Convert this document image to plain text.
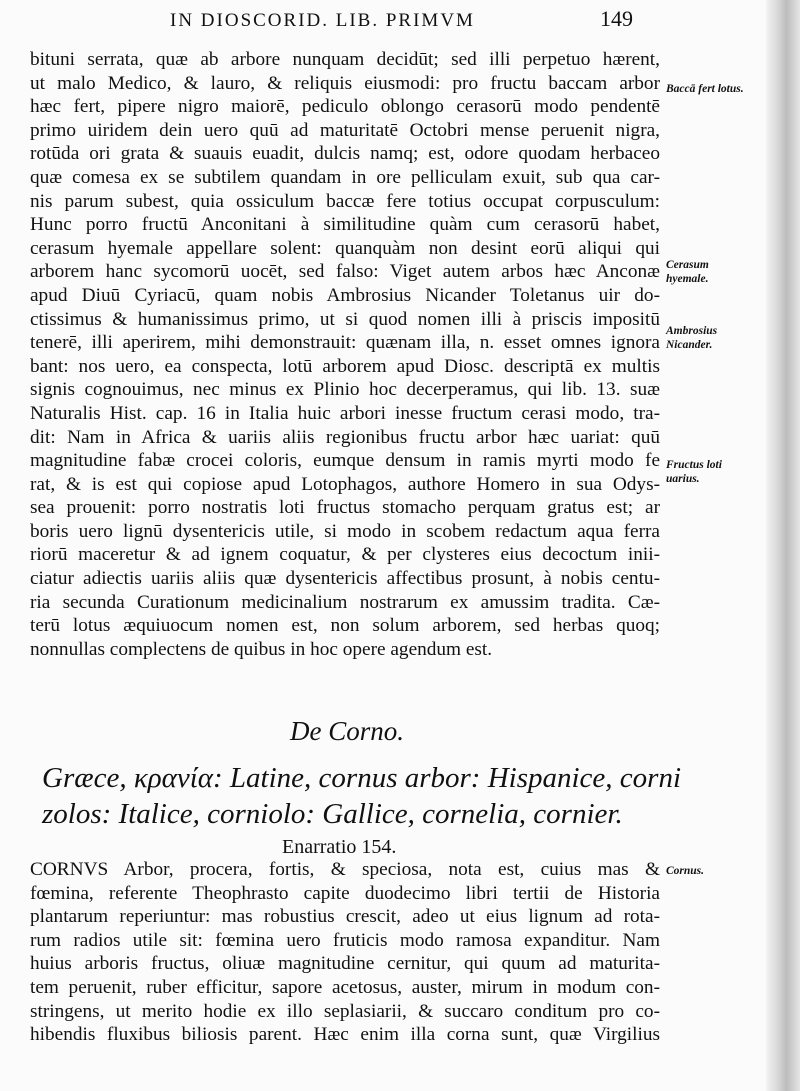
IN DIOSCORID. LIB. PRIMVM	149
bituni serrata, quæ ab arbore nunquam decidūt; sed illi perpetuo hærent,
ut malo Medico, & lauro, & reliquis eiusmodi: pro fructu baccam arbor
hæc fert, pipere nigro maiorē, pediculo oblongo cerasorū modo pendentē
primo uiridem dein uero quū ad maturitatē Octobri mense peruenit nigra,
rotūda ori grata & suauis euadit, dulcis namq; est, odore quodam herbaceo
quæ comesa ex se subtilem quandam in ore pelliculam exuit, sub qua car-
nis parum subest, quia ossiculum baccæ fere totius occupat corpusculum:
Hunc porro fructū Anconitani à similitudine quàm cum cerasorū habet,
cerasum hyemale appellare solent: quanquàm non desint eorū aliqui qui
arborem hanc sycomorū uocēt, sed falso: Viget autem arbos hæc Anconæ
apud Diuū Cyriacū, quam nobis Ambrosius Nicander Toletanus uir do-
ctissimus & humanissimus primo, ut si quod nomen illi à priscis impositū
tenerē, illi aperirem, mihi demonstrauit: quænam illa, n. esset omnes ignora
bant: nos uero, ea conspecta, lotū arborem apud Diosc. descriptā ex multis
signis cognouimus, nec minus ex Plinio hoc decerperamus, qui lib. 13. suæ
Naturalis Hist. cap. 16 in Italia huic arbori inesse fructum cerasi modo, tra-
dit: Nam in Africa & uariis aliis regionibus fructu arbor hæc uariat: quū
magnitudine fabæ crocei coloris, eumque densum in ramis myrti modo fe
rat, & is est qui copiose apud Lotophagos, authore Homero in sua Odys-
sea prouenit: porro nostratis loti fructus stomacho perquam gratus est; ar
boris uero lignū dysentericis utile, si modo in scobem redactum aqua ferra
riorū maceretur & ad ignem coquatur, & per clysteres eius decoctum inii-
ciatur adiectis uariis aliis quæ dysentericis affectibus prosunt, à nobis centu-
ria secunda Curationum medicinalium nostrarum ex amussim tradita. Cæ-
terū lotus æquiuocum nomen est, non solum arborem, sed herbas quoq;
nonnullas complectens de quibus in hoc opere agendum est.
De Corno.
Græce, κρανία: Latine, cornus arbor: Hispanice, corni
zolos: Italice, corniolo: Gallice, cornelia, cornier.
Enarratio 154.
CORNVS Arbor, procera, fortis, & speciosa, nota est, cuius mas &
fœmina, referente Theophrasto capite duodecimo libri tertii de Historia
plantarum reperiuntur: mas robustius crescit, adeo ut eius lignum ad rota-
rum radios utile sit: fœmina uero fruticis modo ramosa expanditur. Nam
huius arboris fructus, oliuæ magnitudine cernitur, qui quum ad maturita-
tem peruenit, ruber efficitur, sapore acetosus, auster, mirum in modum con-
stringens, ut merito hodie ex illo seplasiarii, & succaro conditum pro co-
hibendis fluxibus biliosis parent. Hæc enim illa corna sunt, quæ Virgilius
Baccā fert lotus.
Cerasum hyemale.
Ambrosius Nicander.
Fructus loti uarius.
Cornus.
